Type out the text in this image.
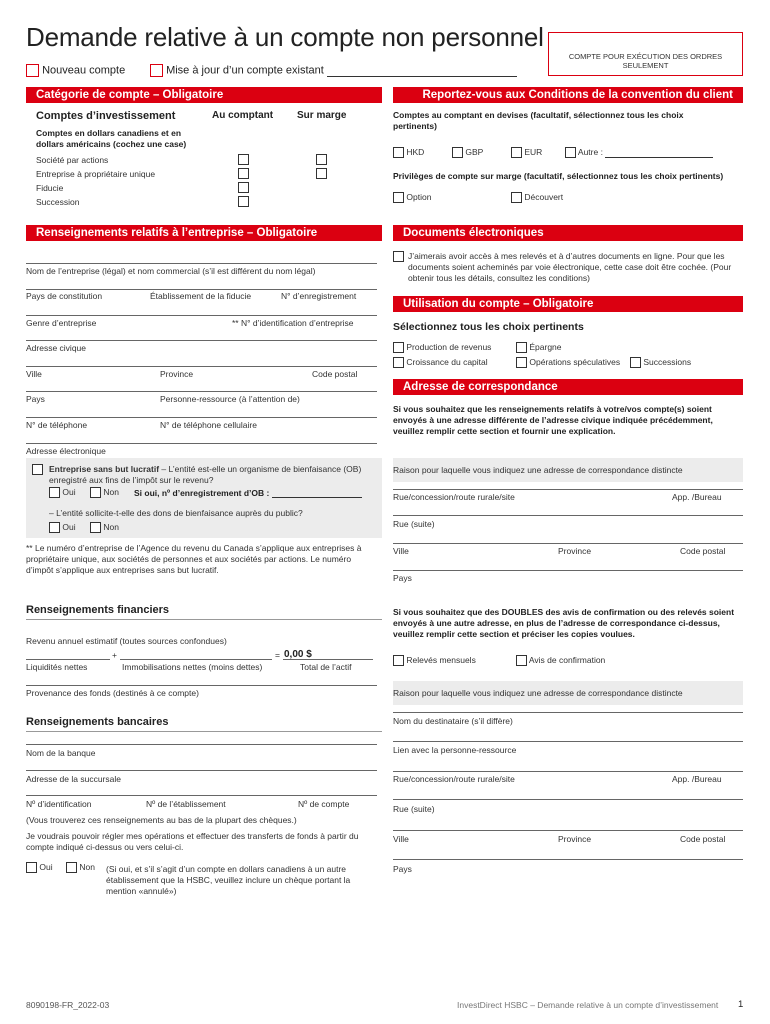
Demande relative à un compte non personnel
Nouveau compte	Mise à jour d’un compte existant
COMPTE POUR EXÉCUTION DES ORDRES SEULEMENT
Catégorie de compte – Obligatoire
Comptes d’investissement	Au comptant Sur marge
Comptes en dollars canadiens et en dollars américains (cochez une case)
Société par actions
Entreprise à propriétaire unique
Fiducie
Succession
Reportez-vous aux Conditions de la convention du client
Comptes au comptant en devises (facultatif, sélectionnez tous les choix pertinents)
HKD	GBP	EUR	Autre :
Privilèges de compte sur marge (facultatif, sélectionnez tous les choix pertinents)
Option	Découvert
Renseignements relatifs à l’entreprise – Obligatoire
Nom de l’entreprise (légal) et nom commercial (s’il est différent du nom légal)
Pays de constitution	Établissement de la fiducie	N° d’enregistrement
Genre d’entreprise	** N° d’identification d’entreprise
Adresse civique
Ville	Province	Code postal
Pays	Personne-ressource (à l’attention de)
N° de téléphone	N° de téléphone cellulaire
Adresse électronique
Entreprise sans but lucratif – L’entité est-elle un organisme de bienfaisance (OB) enregistré aux fins de l’impôt sur le revenu?
Oui	Non Si oui, nº d’enregistrement d’OB :
– L’entité sollicite-t-elle des dons de bienfaisance auprès du public?
Oui	Non
** Le numéro d’entreprise de l’Agence du revenu du Canada s’applique aux entreprises à propriétaire unique, aux sociétés de personnes et aux sociétés par actions. Le numéro d’impôt s’applique aux entreprises sans but lucratif.
Renseignements financiers
Revenu annuel estimatif (toutes sources confondues)
+	= 0,00 $
Liquidités nettes	Immobilisations nettes (moins dettes)	Total de l’actif
Provenance des fonds (destinés à ce compte)
Renseignements bancaires
Nom de la banque
Adresse de la succursale
Nº d’identification	Nº de l’établissement	Nº de compte
(Vous trouverez ces renseignements au bas de la plupart des chèques.)
Je voudrais pouvoir régler mes opérations et effectuer des transferts de fonds à partir du compte indiqué ci-dessus ou vers celui-ci.
Oui	Non (Si oui, et s’il s’agit d’un compte en dollars canadiens à un autre établissement que la HSBC, veuillez inclure un chèque portant la mention «annulé»)
Documents électroniques
J’aimerais avoir accès à mes relevés et à d’autres documents en ligne. Pour que les documents soient acheminés par voie électronique, cette case doit être cochée. (Pour obtenir tous les détails, consultez les conditions)
Utilisation du compte – Obligatoire
Sélectionnez tous les choix pertinents
Production de revenus	Épargne
Croissance du capital	Opérations spéculatives	Successions
Adresse de correspondance
Si vous souhaitez que les renseignements relatifs à votre/vos compte(s) soient envoyés à une adresse différente de l’adresse civique indiquée précédemment, veuillez remplir cette section et fournir une explication.
Raison pour laquelle vous indiquez une adresse de correspondance distincte
Rue/concession/route rurale/site	App. /Bureau
Rue (suite)
Ville	Province	Code postal
Pays
Si vous souhaitez que des DOUBLES des avis de confirmation ou des relevés soient envoyés à une autre adresse, en plus de l’adresse de correspondance ci-dessus, veuillez remplir cette section et préciser les copies voulues.
Relevés mensuels	Avis de confirmation
Raison pour laquelle vous indiquez une adresse de correspondance distincte
Nom du destinataire (s’il diffère)
Lien avec la personne-ressource
Rue/concession/route rurale/site	App. /Bureau
Rue (suite)
Ville	Province	Code postal
Pays
8090198-FR_2022-03	InvestDirect HSBC – Demande relative à un compte d’investissement 1
